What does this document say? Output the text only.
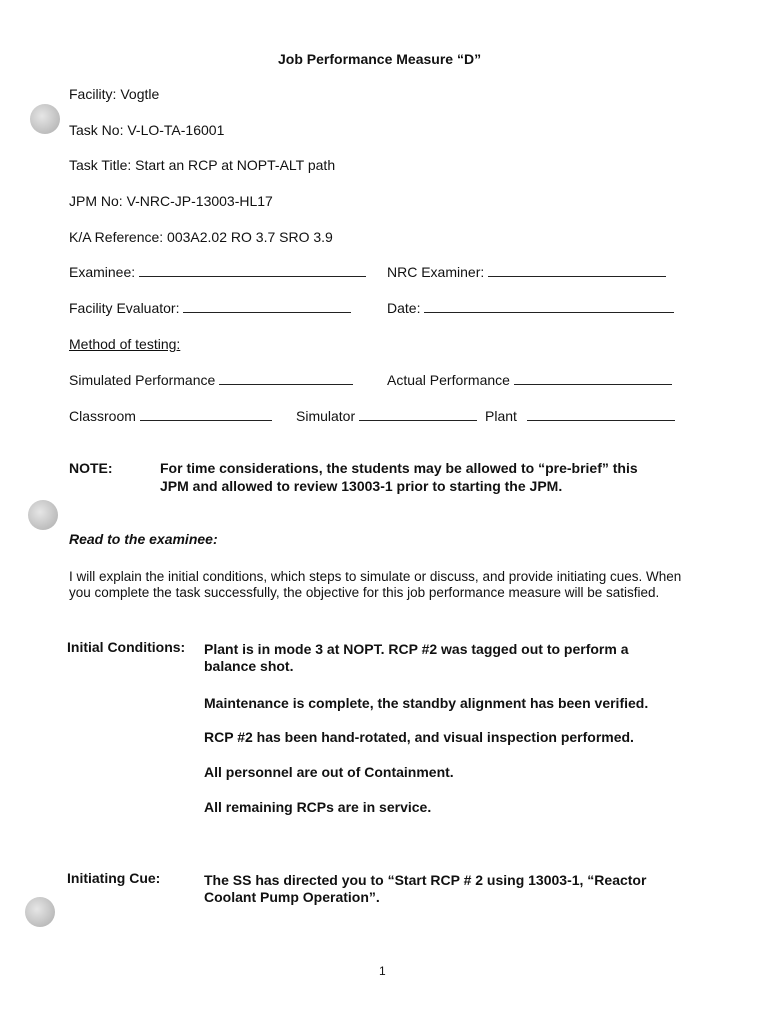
Job Performance Measure “D”
Facility: Vogtle
Task No: V-LO-TA-16001
Task Title: Start an RCP at NOPT-ALT path
JPM No: V-NRC-JP-13003-HL17
K/A Reference: 003A2.02 RO 3.7 SRO 3.9
Examinee:	NRC Examiner:
Facility Evaluator:	Date:
Method of testing:
Simulated Performance	Actual Performance
Classroom	Simulator	Plant
NOTE:	For time considerations, the students may be allowed to “pre-brief” this
JPM and allowed to review 13003-1 prior to starting the JPM.
Read to the examinee:
I will explain the initial conditions, which steps to simulate or discuss, and provide initiating cues. When you complete the task successfully, the objective for this job performance measure will be satisfied.
Initial Conditions: Plant is in mode 3 at NOPT. RCP #2 was tagged out to perform a balance shot.
Maintenance is complete, the standby alignment has been verified.
RCP #2 has been hand-rotated, and visual inspection performed.
All personnel are out of Containment.
All remaining RCPs are in service.
Initiating Cue:	The SS has directed you to “Start RCP # 2 using 13003-1, “Reactor Coolant Pump Operation”.
1
